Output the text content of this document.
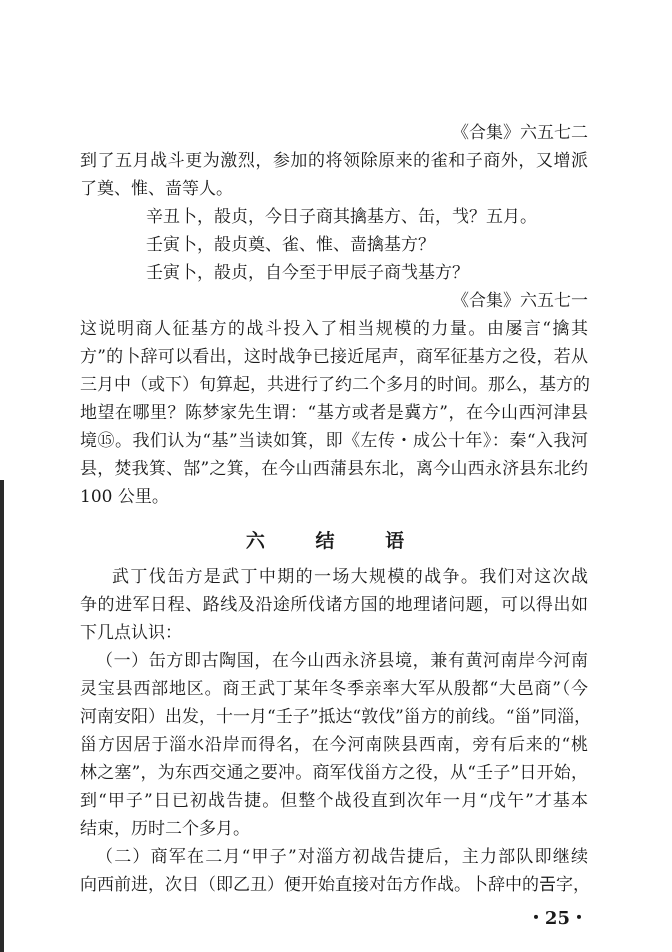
《合集》六五七二
到了五月战斗更为激烈，参加的将领除原来的雀和子商外，又增派
了奠、惟、啬等人。
辛丑卜，㱿贞，今日子商其擒基方、缶，𢦏？五月。
壬寅卜，㱿贞奠、雀、惟、啬擒基方？
壬寅卜，㱿贞，自今至于甲辰子商𢦏基方？
《合集》六五七一
这说明商人征基方的战斗投入了相当规模的力量。由屡言“擒其
方”的卜辞可以看出，这时战争已接近尾声，商军征基方之役，若从
三月中（或下）旬算起，共进行了约二个多月的时间。那么，基方的
地望在哪里？陈梦家先生谓：“基方或者是冀方”，在今山西河津县
境⑮。我们认为“基”当读如箕，即《左传・成公十年》：秦“入我河
县，焚我箕、郜”之箕，在今山西蒲县东北，离今山西永济县东北约
100 公里。
六 结 语
武丁伐缶方是武丁中期的一场大规模的战争。我们对这次战
争的进军日程、路线及沿途所伐诸方国的地理诸问题，可以得出如
下几点认识：
（一）缶方即古陶国，在今山西永济县境，兼有黄河南岸今河南
灵宝县西部地区。商王武丁某年冬季亲率大军从殷都“大邑商”（今
河南安阳）出发，十一月“壬子”抵达“敦伐”甾方的前线。“甾”同淄，
甾方因居于淄水沿岸而得名，在今河南陕县西南，旁有后来的“桃
林之塞”，为东西交通之要冲。商军伐甾方之役，从“壬子”日开始，
到“甲子”日已初战告捷。但整个战役直到次年一月“戊午”才基本
结束，历时二个多月。
（二）商军在二月“甲子”对淄方初战告捷后，主力部队即继续
向西前进，次日（即乙丑）便开始直接对缶方作战。卜辞中的𢀛字，
・25・
